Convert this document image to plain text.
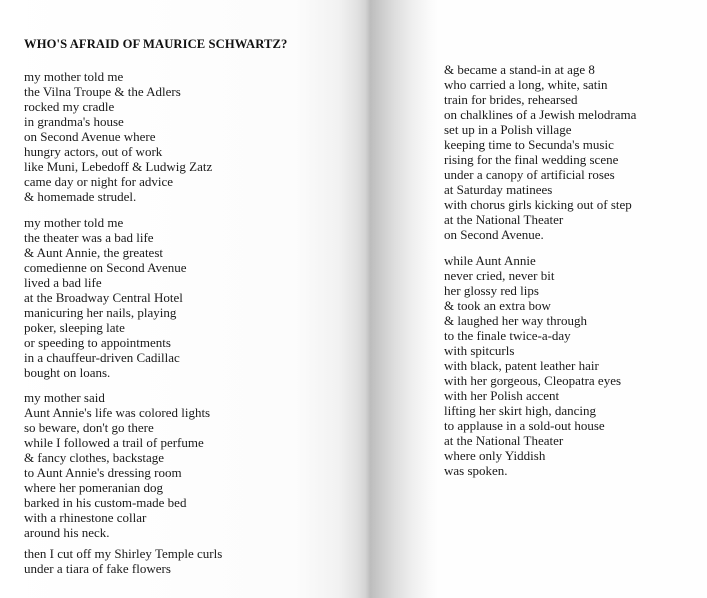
WHO'S AFRAID OF MAURICE SCHWARTZ?
my mother told me
the Vilna Troupe & the Adlers
rocked my cradle
in grandma's house
on Second Avenue where
hungry actors, out of work
like Muni, Lebedoff & Ludwig Zatz
came day or night for advice
& homemade strudel.
my mother told me
the theater was a bad life
& Aunt Annie, the greatest
comedienne on Second Avenue
lived a bad life
at the Broadway Central Hotel
manicuring her nails, playing
poker, sleeping late
or speeding to appointments
in a chauffeur-driven Cadillac
bought on loans.
my mother said
Aunt Annie's life was colored lights
so beware, don't go there
while I followed a trail of perfume
& fancy clothes, backstage
to Aunt Annie's dressing room
where her pomeranian dog
barked in his custom-made bed
with a rhinestone collar
around his neck.
then I cut off my Shirley Temple curls
under a tiara of fake flowers
& became a stand-in at age 8
who carried a long, white, satin
train for brides, rehearsed
on chalklines of a Jewish melodrama
set up in a Polish village
keeping time to Secunda's music
rising for the final wedding scene
under a canopy of artificial roses
at Saturday matinees
with chorus girls kicking out of step
at the National Theater
on Second Avenue.
while Aunt Annie
never cried, never bit
her glossy red lips
& took an extra bow
& laughed her way through
to the finale twice-a-day
with spitcurls
with black, patent leather hair
with her gorgeous, Cleopatra eyes
with her Polish accent
lifting her skirt high, dancing
to applause in a sold-out house
at the National Theater
where only Yiddish
was spoken.
